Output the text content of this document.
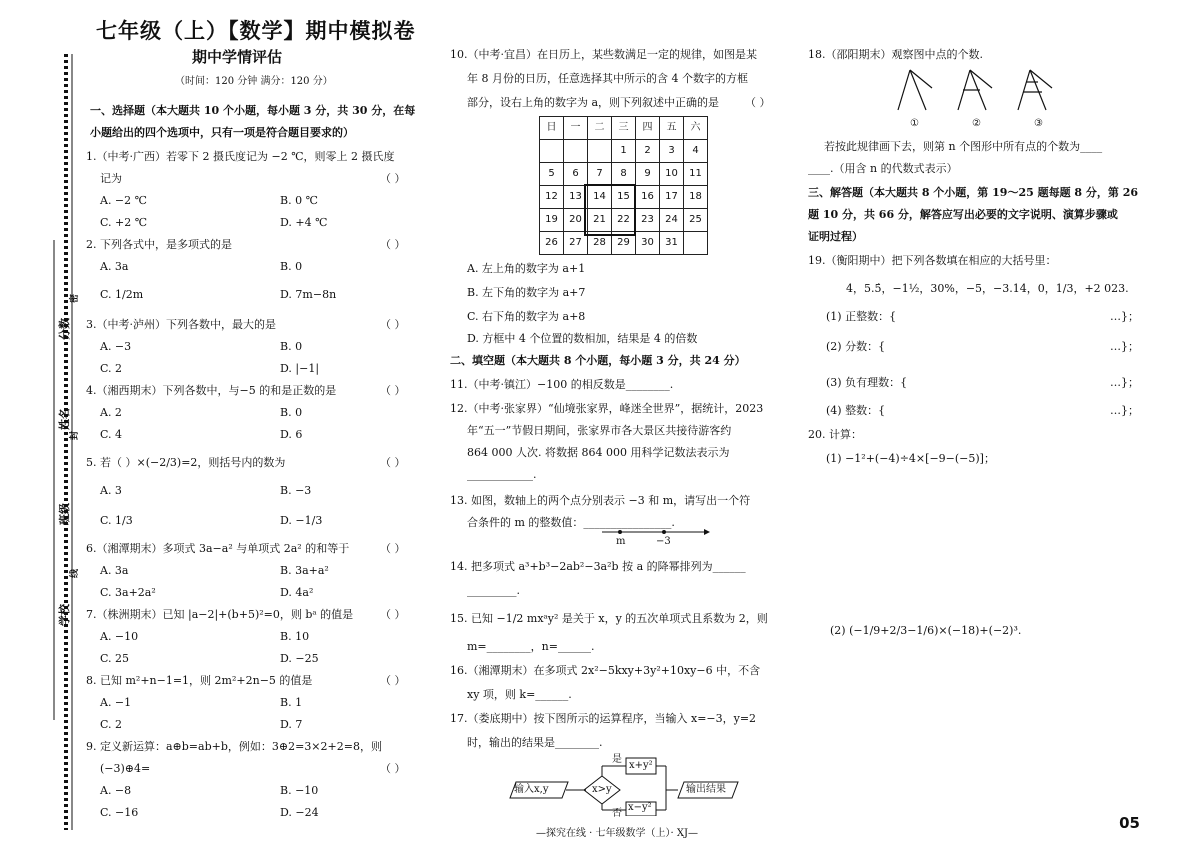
分数
密
姓名
封
班级
线
学校
七年级（上）【数学】期中模拟卷
期中学情评估
（时间：120 分钟 满分：120 分）
一、选择题（本大题共 10 个小题，每小题 3 分，共 30 分，在每
小题给出的四个选项中，只有一项是符合题目要求的）
1.（中考·广西）若零下 2 摄氏度记为 −2 ℃，则零上 2 摄氏度
记为	（ ）
A. −2 ℃	B. 0 ℃
C. +2 ℃	D. +4 ℃
2. 下列各式中，是多项式的是	（ ）
A. 3a	B. 0
C. 1/2m	D. 7m−8n
3.（中考·泸州）下列各数中，最大的是	（ ）
A. −3	B. 0
C. 2	D. |−1|
4.（湘西期末）下列各数中，与−5 的和是正数的是	（ ）
A. 2	B. 0
C. 4	D. 6
5. 若（ ）×(−2/3)=2，则括号内的数为	（ ）
A. 3	B. −3
C. 1/3	D. −1/3
6.（湘潭期末）多项式 3a−a² 与单项式 2a² 的和等于	（ ）
A. 3a	B. 3a+a²
C. 3a+2a²	D. 4a²
7.（株洲期末）已知 |a−2|+(b+5)²=0，则 bᵃ 的值是 （ ）
A. −10	B. 10
C. 25	D. −25
8. 已知 m²+n−1=1，则 2m²+2n−5 的值是	（ ）
A. −1	B. 1
C. 2	D. 7
9. 定义新运算：a⊕b=ab+b，例如：3⊕2=3×2+2=8，则
(−3)⊕4=	（ ）
A. −8	B. −10
C. −16	D. −24
10.（中考·宜昌）在日历上，某些数满足一定的规律，如图是某
年 8 月份的日历，任意选择其中所示的含 4 个数字的方框
部分，设右上角的数字为 a，则下列叙述中正确的是 （ ）
日	一	二	三	四	五	六
			1	2	3	4
5	6	7	8	9	10	11
12	13	14	15	16	17	18
19	20	21	22	23	24	25
26	27	28	29	30	31	
A. 左上角的数字为 a+1
B. 左下角的数字为 a+7
C. 右下角的数字为 a+8
D. 方框中 4 个位置的数相加，结果是 4 的倍数
二、填空题（本大题共 8 个小题，每小题 3 分，共 24 分）
11.（中考·镇江）−100 的相反数是________.
12.（中考·张家界）“仙境张家界，峰迷全世界”，据统计，2023
年“五一”节假日期间，张家界市各大景区共接待游客约
864 000 人次. 将数据 864 000 用科学记数法表示为
____________.
13. 如图，数轴上的两个点分别表示 −3 和 m，请写出一个符
合条件的 m 的整数值：________________.
m	−3
14. 把多项式 a³+b³−2ab²−3a²b 按 a 的降幂排列为______
_________.
15. 已知 −1/2 mxᵃy² 是关于 x，y 的五次单项式且系数为 2，则
m=________，n=______.
16.（湘潭期末）在多项式 2x²−5kxy+3y²+10xy−6 中，不含
xy 项，则 k=______.
17.（娄底期中）按下图所示的运算程序，当输入 x=−3，y=2
时，输出的结果是________.
输入x,y	x>y
是
否
x+y²
x−y²
输出结果
—探究在线 · 七年级数学（上）· XJ—
18.（邵阳期末）观察图中点的个数.
①	②	③
若按此规律画下去，则第 n 个图形中所有点的个数为____
____.（用含 n 的代数式表示）
三、解答题（本大题共 8 个小题，第 19～25 题每题 8 分，第 26
题 10 分，共 66 分，解答应写出必要的文字说明、演算步骤或
证明过程）
19.（衡阳期中）把下列各数填在相应的大括号里：
4，5.5̇，−1½，30%，−5，−3.14，0，1/3，+2 023.
(1) 正整数：{	…}；
(2) 分数：{	…}；
(3) 负有理数：{	…}；
(4) 整数：{	…}；
20. 计算：
(1) −1²+(−4)÷4×[−9−(−5)]；
(2) (−1/9+2/3−1/6)×(−18)+(−2)³.
05
